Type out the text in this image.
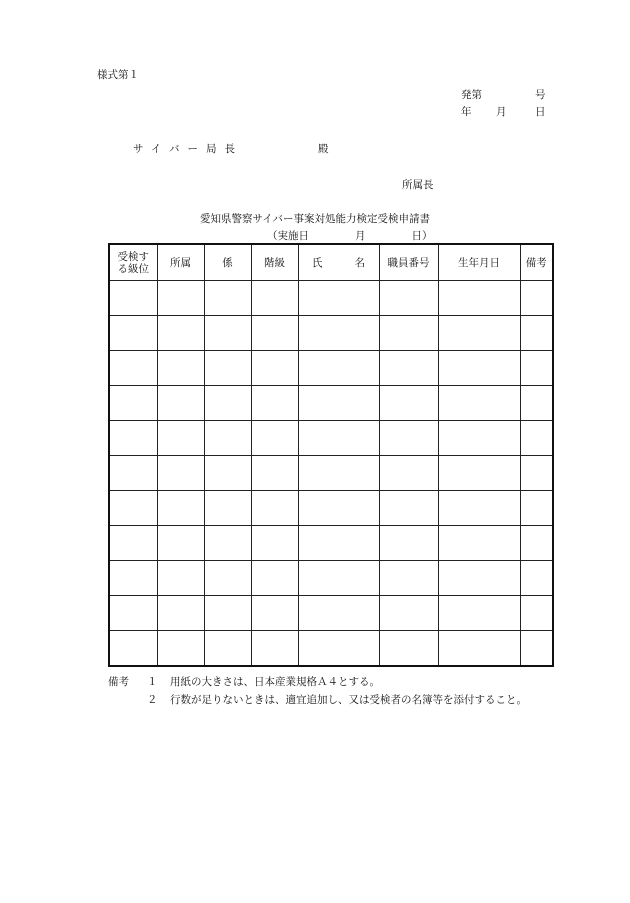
様式第１
発第	号
年 月	日
サイバー局長	殿
所属長
愛知県警察サイバー事案対処能力検定受検申請書
（実施日	月	日）
受検する級位	所属	係	階級	氏 名	職員番号	生年月日	備考

備考 １ 用紙の大きさは、日本産業規格Ａ４とする。
２ 行数が足りないときは、適宜追加し、又は受検者の名簿等を添付すること。
